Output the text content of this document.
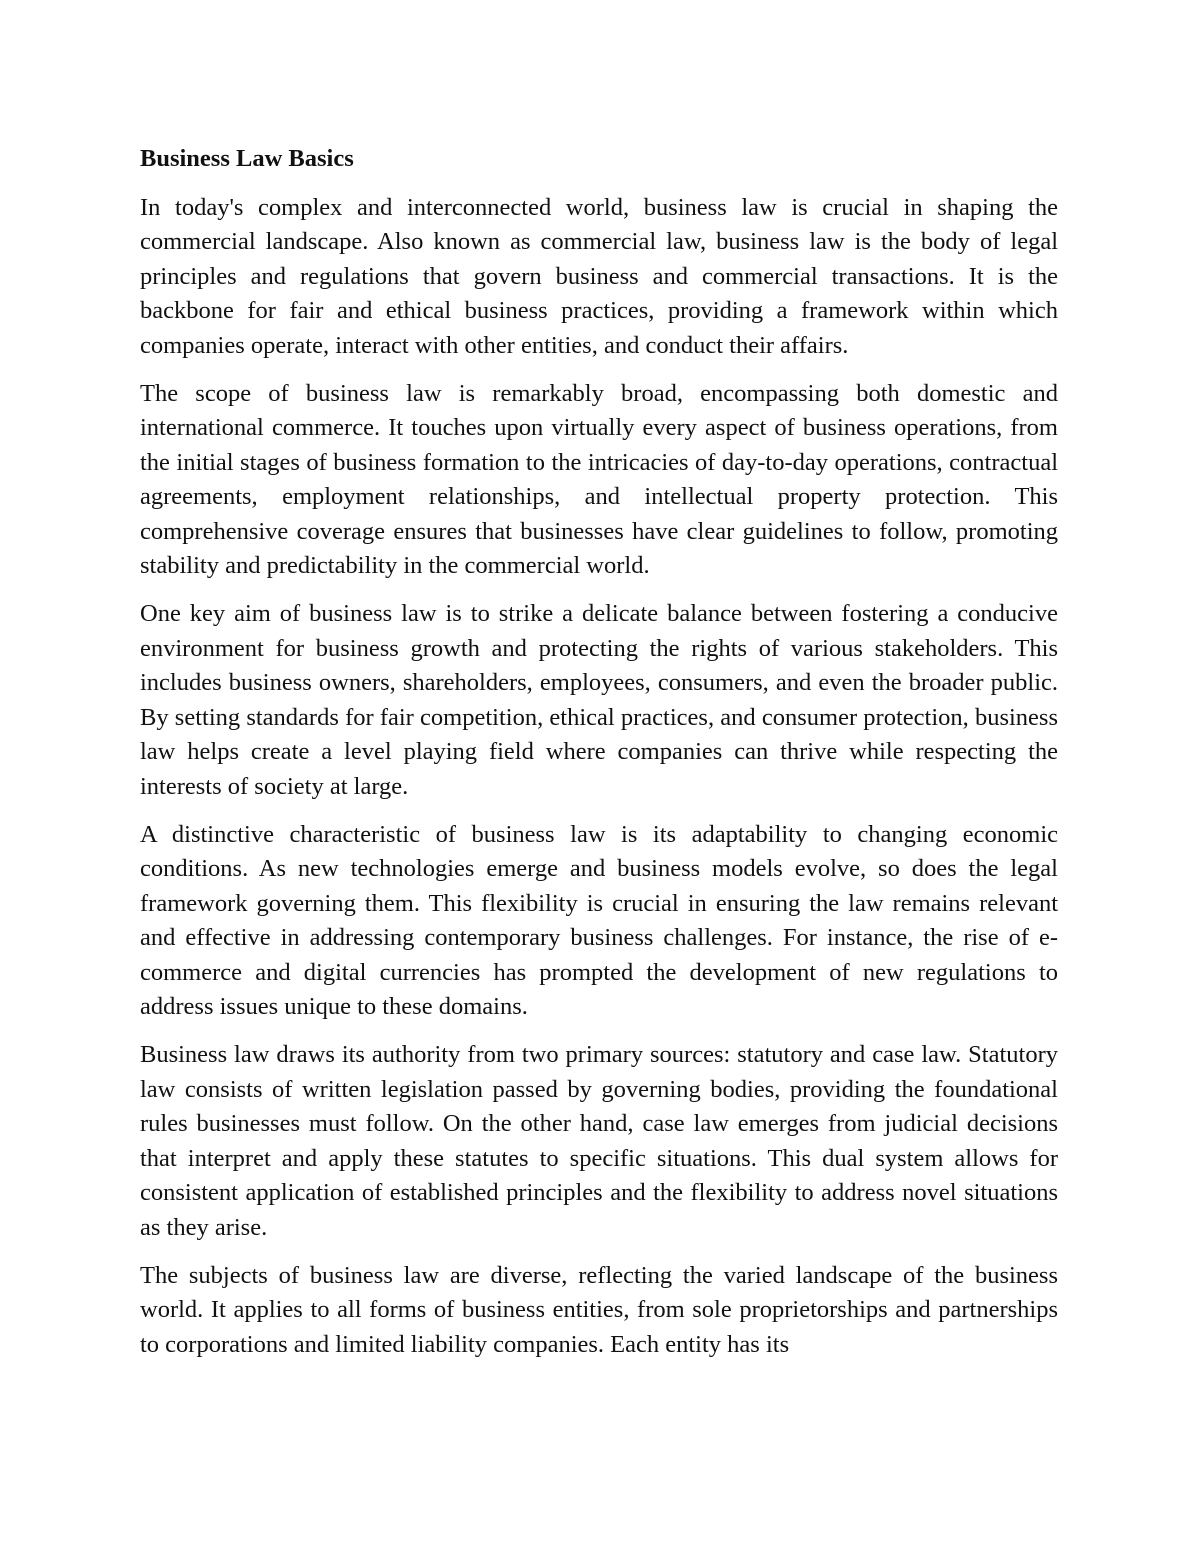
Business Law Basics

In today's complex and interconnected world, business law is crucial in shaping the commercial landscape. Also known as commercial law, business law is the body of legal principles and regulations that govern business and commercial transactions. It is the backbone for fair and ethical business practices, providing a framework within which companies operate, interact with other entities, and conduct their affairs.

The scope of business law is remarkably broad, encompassing both domestic and international commerce. It touches upon virtually every aspect of business operations, from the initial stages of business formation to the intricacies of day-to-day operations, contractual agreements, employment relationships, and intellectual property protection. This comprehensive coverage ensures that businesses have clear guidelines to follow, promoting stability and predictability in the commercial world.

One key aim of business law is to strike a delicate balance between fostering a conducive environment for business growth and protecting the rights of various stakeholders. This includes business owners, shareholders, employees, consumers, and even the broader public. By setting standards for fair competition, ethical practices, and consumer protection, business law helps create a level playing field where companies can thrive while respecting the interests of society at large.

A distinctive characteristic of business law is its adaptability to changing economic conditions. As new technologies emerge and business models evolve, so does the legal framework governing them. This flexibility is crucial in ensuring the law remains relevant and effective in addressing contemporary business challenges. For instance, the rise of e-commerce and digital currencies has prompted the development of new regulations to address issues unique to these domains.

Business law draws its authority from two primary sources: statutory and case law. Statutory law consists of written legislation passed by governing bodies, providing the foundational rules businesses must follow. On the other hand, case law emerges from judicial decisions that interpret and apply these statutes to specific situations. This dual system allows for consistent application of established principles and the flexibility to address novel situations as they arise.

The subjects of business law are diverse, reflecting the varied landscape of the business world. It applies to all forms of business entities, from sole proprietorships and partnerships to corporations and limited liability companies. Each entity has its
